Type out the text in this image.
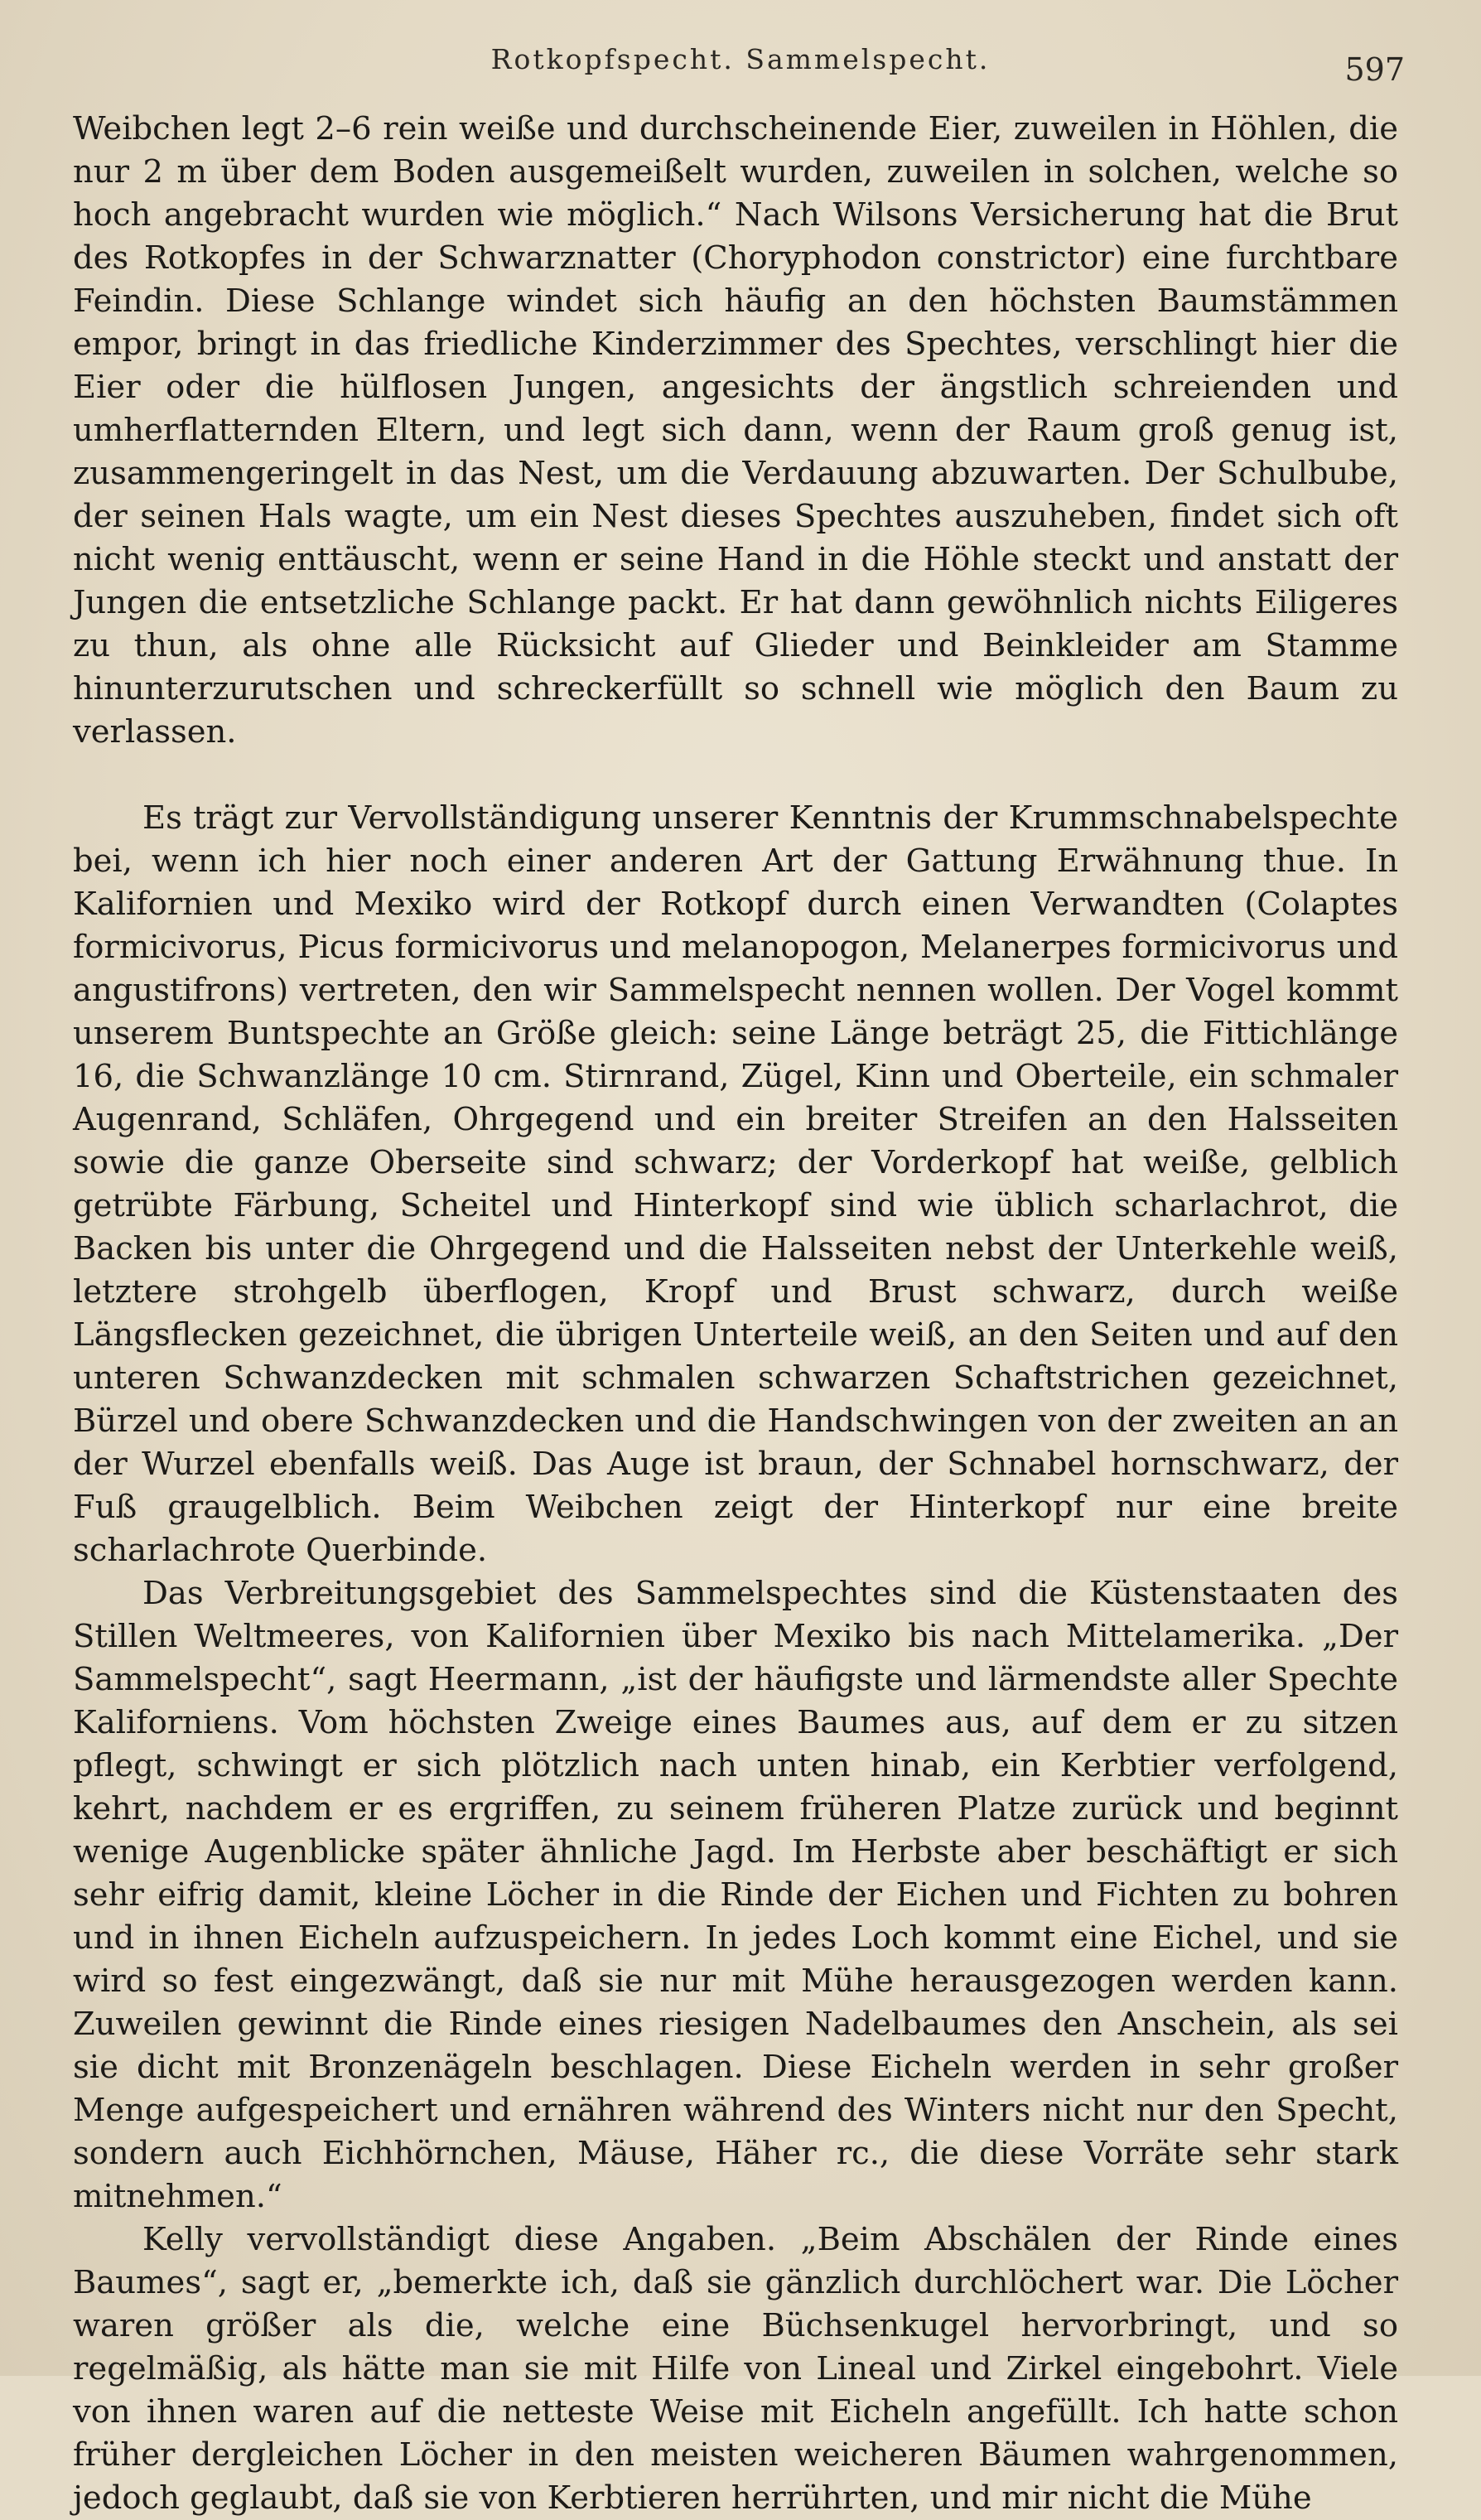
Rotkopfspecht. Sammelspecht.	597

Weibchen legt 2–6 rein weiße und durchscheinende Eier, zuweilen in Höhlen, die nur 2 m über dem Boden ausgemeißelt wurden, zuweilen in solchen, welche so hoch angebracht wurden wie möglich.“ Nach Wilsons Versicherung hat die Brut des Rotkopfes in der Schwarznatter (Choryphodon constrictor) eine furchtbare Feindin. Diese Schlange windet sich häufig an den höchsten Baumstämmen empor, bringt in das friedliche Kinderzimmer des Spechtes, verschlingt hier die Eier oder die hülflosen Jungen, angesichts der ängstlich schreienden und umherflatternden Eltern, und legt sich dann, wenn der Raum groß genug ist, zusammengeringelt in das Nest, um die Verdauung abzuwarten. Der Schulbube, der seinen Hals wagte, um ein Nest dieses Spechtes auszuheben, findet sich oft nicht wenig enttäuscht, wenn er seine Hand in die Höhle steckt und anstatt der Jungen die entsetzliche Schlange packt. Er hat dann gewöhnlich nichts Eiligeres zu thun, als ohne alle Rücksicht auf Glieder und Beinkleider am Stamme hinunterzurutschen und schreckerfüllt so schnell wie möglich den Baum zu verlassen.

Es trägt zur Vervollständigung unserer Kenntnis der Krummschnabelspechte bei, wenn ich hier noch einer anderen Art der Gattung Erwähnung thue. In Kalifornien und Mexiko wird der Rotkopf durch einen Verwandten (Colaptes formicivorus, Picus formicivorus und melanopogon, Melanerpes formicivorus und angustifrons) vertreten, den wir Sammelspecht nennen wollen. Der Vogel kommt unserem Buntspechte an Größe gleich: seine Länge beträgt 25, die Fittichlänge 16, die Schwanzlänge 10 cm. Stirnrand, Zügel, Kinn und Oberteile, ein schmaler Augenrand, Schläfen, Ohrgegend und ein breiter Streifen an den Halsseiten sowie die ganze Oberseite sind schwarz; der Vorderkopf hat weiße, gelblich getrübte Färbung, Scheitel und Hinterkopf sind wie üblich scharlachrot, die Backen bis unter die Ohrgegend und die Halsseiten nebst der Unterkehle weiß, letztere strohgelb überflogen, Kropf und Brust schwarz, durch weiße Längsflecken gezeichnet, die übrigen Unterteile weiß, an den Seiten und auf den unteren Schwanzdecken mit schmalen schwarzen Schaftstrichen gezeichnet, Bürzel und obere Schwanzdecken und die Handschwingen von der zweiten an an der Wurzel ebenfalls weiß. Das Auge ist braun, der Schnabel hornschwarz, der Fuß graugelblich. Beim Weibchen zeigt der Hinterkopf nur eine breite scharlachrote Querbinde.

Das Verbreitungsgebiet des Sammelspechtes sind die Küstenstaaten des Stillen Weltmeeres, von Kalifornien über Mexiko bis nach Mittelamerika. „Der Sammelspecht“, sagt Heermann, „ist der häufigste und lärmendste aller Spechte Kaliforniens. Vom höchsten Zweige eines Baumes aus, auf dem er zu sitzen pflegt, schwingt er sich plötzlich nach unten hinab, ein Kerbtier verfolgend, kehrt, nachdem er es ergriffen, zu seinem früheren Platze zurück und beginnt wenige Augenblicke später ähnliche Jagd. Im Herbste aber beschäftigt er sich sehr eifrig damit, kleine Löcher in die Rinde der Eichen und Fichten zu bohren und in ihnen Eicheln aufzuspeichern. In jedes Loch kommt eine Eichel, und sie wird so fest eingezwängt, daß sie nur mit Mühe herausgezogen werden kann. Zuweilen gewinnt die Rinde eines riesigen Nadelbaumes den Anschein, als sei sie dicht mit Bronzenägeln beschlagen. Diese Eicheln werden in sehr großer Menge aufgespeichert und ernähren während des Winters nicht nur den Specht, sondern auch Eichhörnchen, Mäuse, Häher rc., die diese Vorräte sehr stark mitnehmen.“

Kelly vervollständigt diese Angaben. „Beim Abschälen der Rinde eines Baumes“, sagt er, „bemerkte ich, daß sie gänzlich durchlöchert war. Die Löcher waren größer als die, welche eine Büchsenkugel hervorbringt, und so regelmäßig, als hätte man sie mit Hilfe von Lineal und Zirkel eingebohrt. Viele von ihnen waren auf die netteste Weise mit Eicheln angefüllt. Ich hatte schon früher dergleichen Löcher in den meisten weicheren Bäumen wahrgenommen, jedoch geglaubt, daß sie von Kerbtieren herrührten, und mir nicht die Mühe
